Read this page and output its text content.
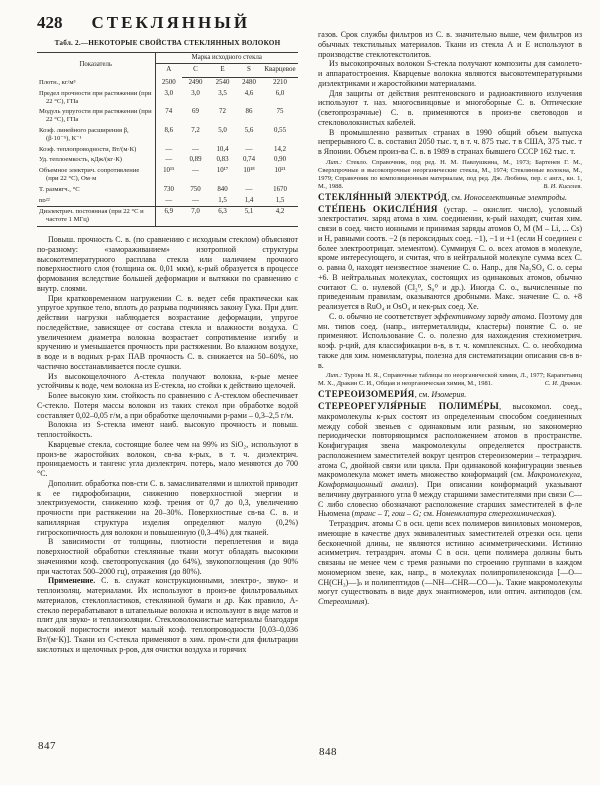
428 СТЕКЛЯННЫЙ

Табл. 2.—НЕКОТОРЫЕ СВОЙСТВА СТЕКЛЯННЫХ ВОЛОКОН

Показатель	Марка исходного стекла				
	А	С	Е	S	Кварцевое
Плотн., кг/м³	2500	2490	2540	2480	2210
Предел прочности при растяжении (при 22 °С), ГПа	3,0	3,0	3,5	4,6	6,0
Модуль упругости при растяжении (при 22 °С), ГПа	74	69	72	86	75
Коэф. линейного расширения β, (β·10⁻⁵), К⁻¹	8,6	7,2	5,0	5,6	0,55
Коэф. теплопроводности, Вт/(м·К)	—	—	10,4	—	14,2
Уд. теплоемкость, кДж/(кг·К)	—	0,89	0,83	0,74	0,90
Объемное электрич. сопротивление (при 22 °С), Ом·м	10¹⁵	—	10¹⁷	10¹⁸	10²¹
Т. размягч., °С	730	750	840	—	1670
nᴅ²²	—	—	1,5	1,4	1,5
Диэлектрич. постоянная (при 22 °С и частоте 1 МГц)	6,9	7,0	6,3	5,1	4,2

Повыш. прочность С. в. (по сравнению с исходным стеклом) объясняют по-разному: «замораживанием» изотропной структуры высокотемпературного расплава стекла или наличием прочного поверхностного слоя (толщина ок. 0,01 мкм), к-рый образуется в процессе формования вследствие большей деформации и вытяжки по сравнению с внутр. слоями.

При кратковременном нагружении С. в. ведет себя практически как упругое хрупкое тело, вплоть до разрыва подчиняясь закону Гука. При длит. действии нагрузки наблюдается возрастание деформации, упругое последействие, зависящее от состава стекла и влажности воздуха. С увеличением диаметра волокна возрастает сопротивление изгибу и кручению и уменьшается прочность при растяжении. Во влажном воздухе, в воде и в водных р-рах ПАВ прочность С. в. снижается на 50–60%, но частично восстанавливается после сушки.

Из высокощелочного А-стекла получают волокна, к-рые менее устойчивы к воде, чем волокна из Е-стекла, но стойки к действию щелочей.

Более высокую хим. стойкость по сравнению с А-стеклом обеспечивает С-стекло. Потеря массы волокон из таких стекол при обработке водой составляет 0,02–0,05 г/м, а при обработке щелочными р-рами – 0,3–2,5 г/м.

Волокна из S-стекла имеют наиб. высокую прочность и повыш. теплостойкость.

Кварцевые стекла, состоящие более чем на 99% из SiO₂, используют в произ-ве жаростойких волокон, св-ва к-рых, в т. ч. диэлектрич. проницаемость и тангенс угла диэлектрич. потерь, мало меняются до 700 °С.

Дополнит. обработка пов-сти С. в. замасливателями и шлихтой приводит к ее гидрофобизации, снижению поверхностной энергии и электризуемости, снижению коэф. трения от 0,7 до 0,3, увеличению прочности при растяжении на 20–30%. Поверхностные св-ва С. в. и капиллярная структура изделия определяют малую (0,2%) гигроскопичность для волокон и повышенную (0,3–4%) для тканей.

В зависимости от толщины, плотности переплетения и вида поверхностной обработки стеклянные ткани могут обладать высокими значениями коэф. светопропускания (до 64%), звукопоглощения (до 90% при частотах 500–2000 гц), отражения (до 80%).

Применение. С. в. служат конструкционными, электро-, звуко- и теплоизоляц. материалами. Их используют в произ-ве фильтровальных материалов, стеклопластиков, стеклянной бумаги и др. Как правило, А-стекло перерабатывают в штапельные волокна и используют в виде матов и плит для звуко- и теплоизоляции. Стекловолокнистые материалы благодаря высокой пористости имеют малый коэф. теплопроводности [0,03–0,036 Вт/(м·К)]. Ткани из С-стекла применяют в хим. пром-сти для фильтрации кислотных и щелочных р-ров, для очистки воздуха и горячих

газов. Срок службы фильтров из С. в. значительно выше, чем фильтров из обычных текстильных материалов. Ткани из стекла А и Е используют в производстве стеклотекстолитов.

Из высокопрочных волокон S-стекла получают композиты для самолето- и аппаратостроения. Кварцевые волокна являются высокотемпературными диэлектриками и жаростойкими материалами.

Для защиты от действия рентгеновского и радиоактивного излучения используют т. наз. многосвинцовые и многоборные С. в. Оптические (светопрозрачные) С. в. применяются в произ-ве световодов и стекловолокнистых кабелей.

В промышленно развитых странах в 1990 общий объем выпуска непрерывного С. в. составил 2050 тыс. т, в т. ч. 875 тыс. т в США, 375 тыс. т в Японии. Объем произ-ва С. в. в 1989 в странах бывшего СССР 162 тыс. т.

Лит.: Стекло. Справочник, под ред. Н. М. Павлушкина, М., 1973; Бартенев Г. М., Сверхпрочные и высокопрочные неорганические стекла, М., 1974; Стеклянные волокна, М., 1979; Справочник по композиционным материалам, под ред. Дж. Любина, пер. с англ., кн. 1, М., 1988.	В. И. Киселев.

СТЕКЛЯ́ННЫЙ ЭЛЕКТРО́Д, см. Ионоселективные электроды.

СТЕ́ПЕНЬ ОКИСЛЕ́НИЯ (устар. – окислит. число), условный электростатич. заряд атома в хим. соединении, к-рый находят, считая хим. связи в соед. чисто ионными и принимая заряды атомов О, М (М – Li, ... Cs) и Н, равными соотв. −2 (в пероксидных соед. −1), −1 и +1 (если Н соединен с более электроотрицат. элементом). Суммируя С. о. всех атомов в молекуле, кроме интересующего, и считая, что в нейтральной молекуле сумма всех С. о. равна 0, находят неизвестное значение С. о. Напр., для Na₂SO₄ С. о. серы +6. В нейтральных молекулах, состоящих из одинаковых атомов, обычно считают С. о. нулевой (Cl₂⁰, S₈⁰ и др.). Иногда С. о., вычисленные по приведенным правилам, оказываются дробными. Макс. значение С. о. +8 реализуется в RuO₄ и OsO₄ и нек-рых соед. Хе.

С. о. обычно не соответствует эффективному заряду атома. Поэтому для мн. типов соед. (напр., интерметаллиды, кластеры) понятие С. о. не применяют. Использование С. о. полезно для нахождения стехиометрич. коэф. р-ций, для классификации в-в, в т. ч. комплексных. С. о. необходима также для хим. номенклатуры, полезна для систематизации описания св-в в-в.

Лит.: Турова Н. Я., Справочные таблицы по неорганической химии, Л., 1977; Карапетьянц М. Х., Дракин С. И., Общая и неорганическая химия, М., 1981.	С. И. Дракин.

СТЕРЕОИЗОМЕРИ́Я, см. Изомерия.

СТЕРЕОРЕГУЛЯ́РНЫЕ ПОЛИМЕ́РЫ, высокомол. соед., макромолекулы к-рых состоят из определенным способом соединенных между собой звеньев с одинаковым или разным, но закономерно периодически повторяющимся расположением атомов в пространстве. Конфигурация звена макромолекулы определяется пространств. расположением заместителей вокруг центров стереоизомерии – тетраэдрич. атома С, двойной связи или цикла. При одинаковой конфигурации звеньев макромолекула может иметь множество конформаций (см. Макромолекула, Конформационный анализ). При описании конформаций указывают величину двугранного угла θ между старшими заместителями при связи С—С либо словесно обозначают расположение старших заместителей в ф-ле Ньюмена (транс – Т, гош – G; см. Номенклатура стереохимическая).

Тетраэдрич. атомы С в осн. цепи всех полимеров виниловых мономеров, имеющие в качестве двух эквивалентных заместителей отрезки осн. цепи бесконечной длины, не являются истинно асимметрическими. Истинно асимметрич. тетраэдрич. атомы С в осн. цепи полимера должны быть связаны не менее чем с тремя разными по строению группами в каждом мономерном звене, как, напр., в молекулах полипропиленоксида [—О—СН(СН₃)—]ₙ и полипептидов (—NH—CHR—CO—)ₙ. Такие макромолекулы могут существовать в виде двух энантиомеров, или оптич. антиподов (см. Стереохимия).

847	848
